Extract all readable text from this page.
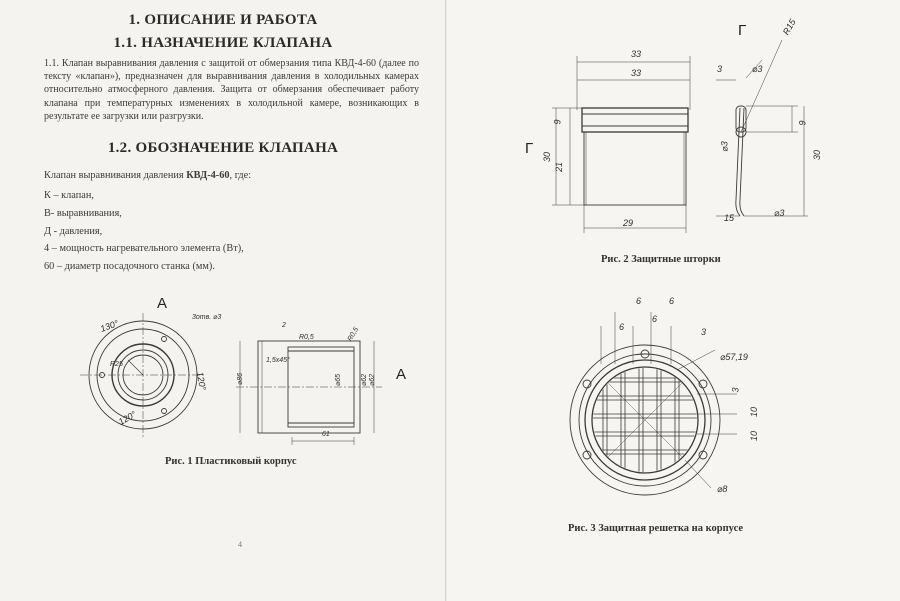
1. ОПИСАНИЕ И РАБОТА
1.1. НАЗНАЧЕНИЕ КЛАПАНА
1.1. Клапан выравнивания давления с защитой от обмерзания типа КВД-4-60 (далее по тексту «клапан»), предназначен для выравнивания давления в холодильных камерах относительно атмосферного давления. Защита от обмерзания обеспечивает работу клапана при температурных изменениях в холодильной камере, возникающих в результате ее загрузки или разгрузки.
1.2. ОБОЗНАЧЕНИЕ КЛАПАНА
Клапан выравнивания давления КВД-4-60, где:
К – клапан,
В- выравнивания,
Д - давления,
4 – мощность нагревательного элемента (Вт),
60 – диаметр посадочного станка (мм).
А
А
130°
3отв. ⌀3
R25
120°
120°
2
R0,5	R0,5
1,5x45°
⌀86	⌀65	⌀62 ⌀62
61
Рис. 1 Пластиковый корпус
4
33
33
9
21
30
29
Г
Г	R15
3	⌀3
9
30
⌀3
15	⌀3
Рис. 2 Защитные шторки
6	6
6
6
3
⌀57,19
3
10
10
⌀8
Рис. 3 Защитная решетка на корпусе
